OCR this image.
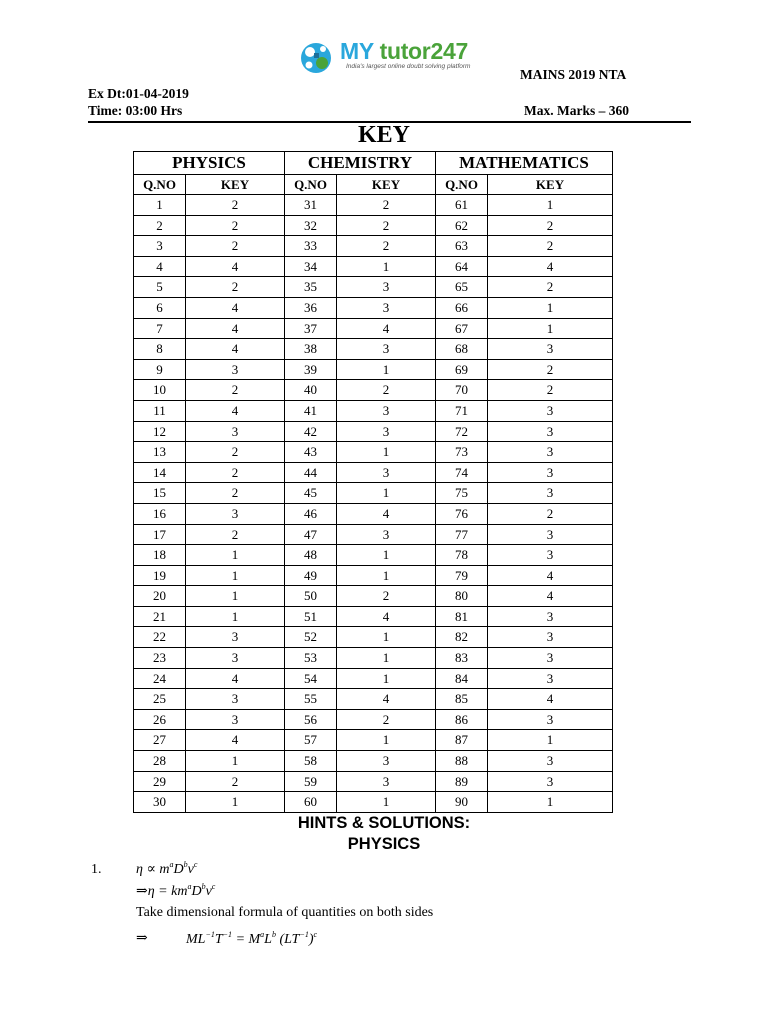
MY tutor247
India's largest online doubt solving platform
MAINS 2019 NTA
Ex Dt:01-04-2019
Time: 03:00 Hrs	Max. Marks – 360
KEY
PHYSICS		CHEMISTRY		MATHEMATICS	
Q.NO	KEY	Q.NO	KEY	Q.NO	KEY
1	2	31	2	61	1
2	2	32	2	62	2
3	2	33	2	63	2
4	4	34	1	64	4
5	2	35	3	65	2
6	4	36	3	66	1
7	4	37	4	67	1
8	4	38	3	68	3
9	3	39	1	69	2
10	2	40	2	70	2
11	4	41	3	71	3
12	3	42	3	72	3
13	2	43	1	73	3
14	2	44	3	74	3
15	2	45	1	75	3
16	3	46	4	76	2
17	2	47	3	77	3
18	1	48	1	78	3
19	1	49	1	79	4
20	1	50	2	80	4
21	1	51	4	81	3
22	3	52	1	82	3
23	3	53	1	83	3
24	4	54	1	84	3
25	3	55	4	85	4
26	3	56	2	86	3
27	4	57	1	87	1
28	1	58	3	88	3
29	2	59	3	89	3
30	1	60	1	90	1
HINTS & SOLUTIONS:
PHYSICS
1. $\eta \propto m^aD^bv^c$
⇒η = $km^aD^bv^c$
Take dimensional formula of quantities on both sides
⇒	$ML^{-1}T^{-1} = M^aL^b$ $(LT^{-1})^c$
